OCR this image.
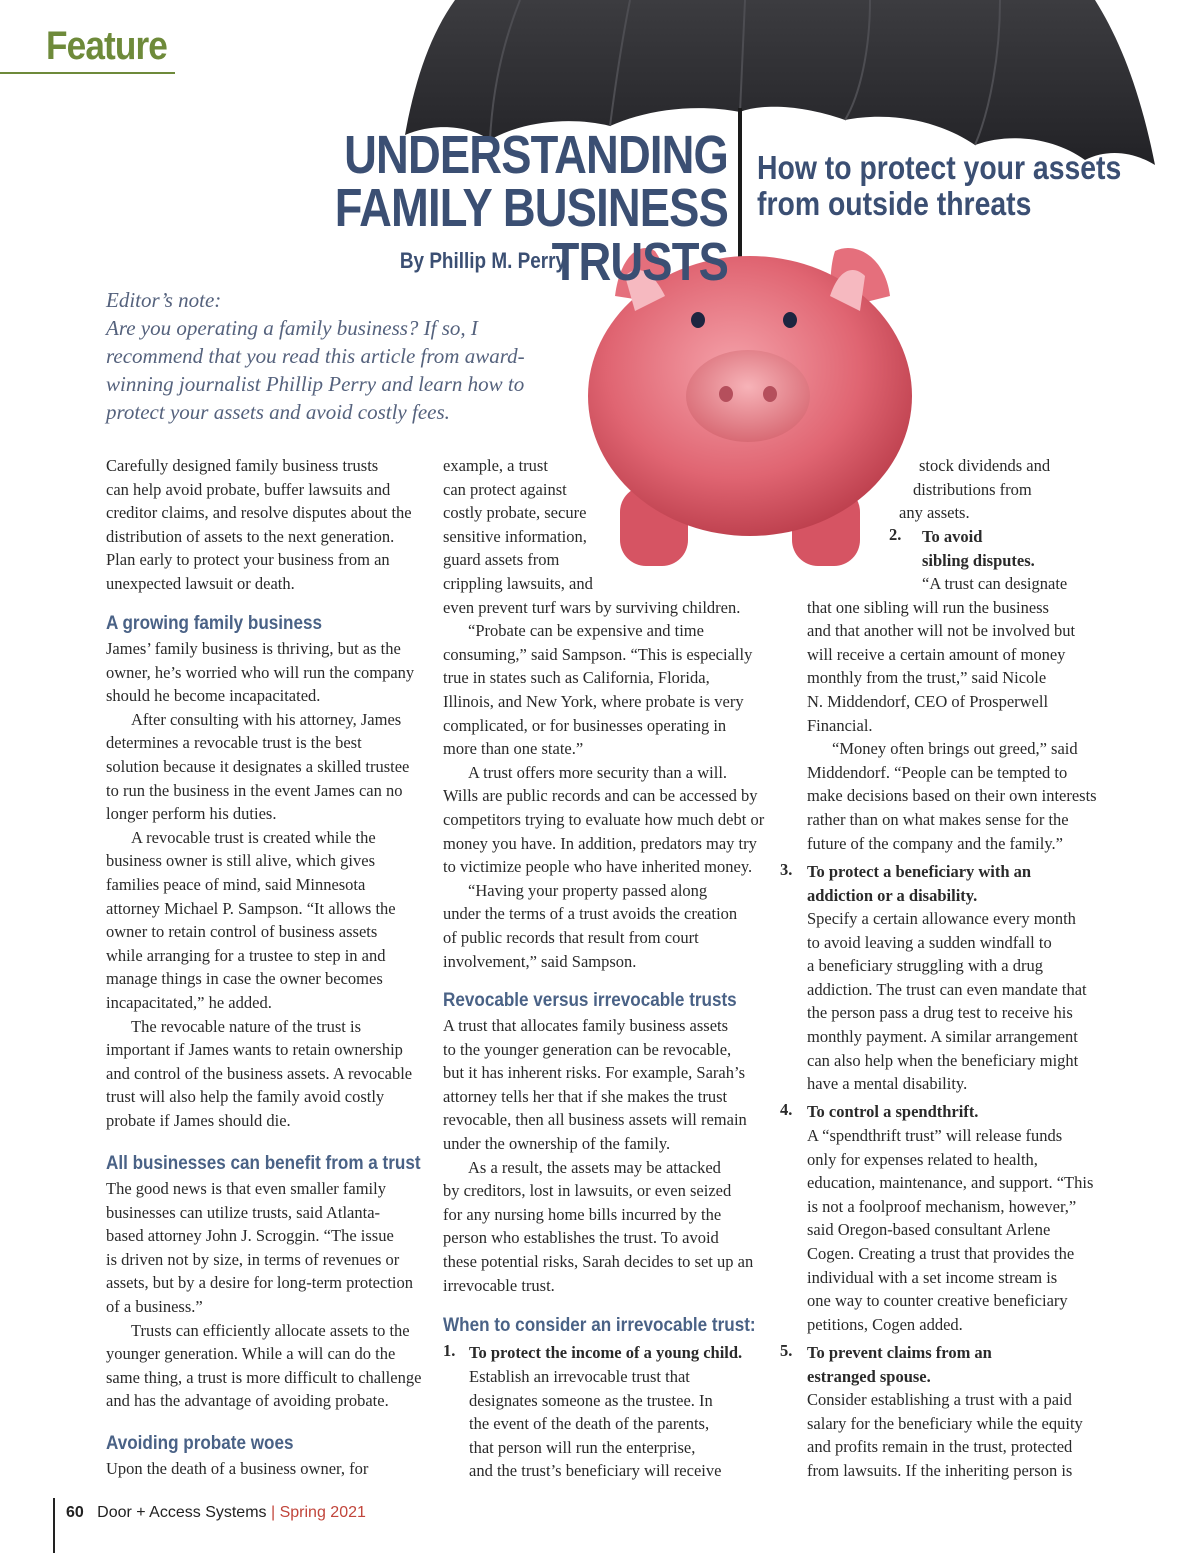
Feature
UNDERSTANDING
FAMILY BUSINESS TRUSTS
How to protect your assets
from outside threats
By Phillip M. Perry
Editor’s note:
Are you operating a family business? If so, I
recommend that you read this article from award-
winning journalist Phillip Perry and learn how to
protect your assets and avoid costly fees.
Carefully designed family business trusts
can help avoid probate, buffer lawsuits and
creditor claims, and resolve disputes about the
distribution of assets to the next generation.
Plan early to protect your business from an
unexpected lawsuit or death.
A growing family business
James’ family business is thriving, but as the
owner, he’s worried who will run the company
should he become incapacitated.
After consulting with his attorney, James
determines a revocable trust is the best
solution because it designates a skilled trustee
to run the business in the event James can no
longer perform his duties.
A revocable trust is created while the
business owner is still alive, which gives
families peace of mind, said Minnesota
attorney Michael P. Sampson. “It allows the
owner to retain control of business assets
while arranging for a trustee to step in and
manage things in case the owner becomes
incapacitated,” he added.
The revocable nature of the trust is
important if James wants to retain ownership
and control of the business assets. A revocable
trust will also help the family avoid costly
probate if James should die.
All businesses can benefit from a trust
The good news is that even smaller family
businesses can utilize trusts, said Atlanta-
based attorney John J. Scroggin. “The issue
is driven not by size, in terms of revenues or
assets, but by a desire for long-term protection
of a business.”
Trusts can efficiently allocate assets to the
younger generation. While a will can do the
same thing, a trust is more difficult to challenge
and has the advantage of avoiding probate.
Avoiding probate woes
Upon the death of a business owner, for
example, a trust
can protect against
costly probate, secure
sensitive information,
guard assets from
crippling lawsuits, and
even prevent turf wars by surviving children.
“Probate can be expensive and time
consuming,” said Sampson. “This is especially
true in states such as California, Florida,
Illinois, and New York, where probate is very
complicated, or for businesses operating in
more than one state.”
A trust offers more security than a will.
Wills are public records and can be accessed by
competitors trying to evaluate how much debt or
money you have. In addition, predators may try
to victimize people who have inherited money.
“Having your property passed along
under the terms of a trust avoids the creation
of public records that result from court
involvement,” said Sampson.
Revocable versus irrevocable trusts
A trust that allocates family business assets
to the younger generation can be revocable,
but it has inherent risks. For example, Sarah’s
attorney tells her that if she makes the trust
revocable, then all business assets will remain
under the ownership of the family.
As a result, the assets may be attacked
by creditors, lost in lawsuits, or even seized
for any nursing home bills incurred by the
person who establishes the trust. To avoid
these potential risks, Sarah decides to set up an
irrevocable trust.
When to consider an irrevocable trust:
1. To protect the income of a young child.
Establish an irrevocable trust that
designates someone as the trustee. In
the event of the death of the parents,
that person will run the enterprise,
and the trust’s beneficiary will receive
stock dividends and
distributions from
any assets.
2. To avoid
sibling disputes.
“A trust can designate
that one sibling will run the business
and that another will not be involved but
will receive a certain amount of money
monthly from the trust,” said Nicole
N. Middendorf, CEO of Prosperwell
Financial.
“Money often brings out greed,” said
Middendorf. “People can be tempted to
make decisions based on their own interests
rather than on what makes sense for the
future of the company and the family.”
3. To protect a beneficiary with an
addiction or a disability.
Specify a certain allowance every month
to avoid leaving a sudden windfall to
a beneficiary struggling with a drug
addiction. The trust can even mandate that
the person pass a drug test to receive his
monthly payment. A similar arrangement
can also help when the beneficiary might
have a mental disability.
4. To control a spendthrift.
A “spendthrift trust” will release funds
only for expenses related to health,
education, maintenance, and support. “This
is not a foolproof mechanism, however,”
said Oregon-based consultant Arlene
Cogen. Creating a trust that provides the
individual with a set income stream is
one way to counter creative beneficiary
petitions, Cogen added.
5. To prevent claims from an
estranged spouse.
Consider establishing a trust with a paid
salary for the beneficiary while the equity
and profits remain in the trust, protected
from lawsuits. If the inheriting person is
60 Door + Access Systems | Spring 2021
